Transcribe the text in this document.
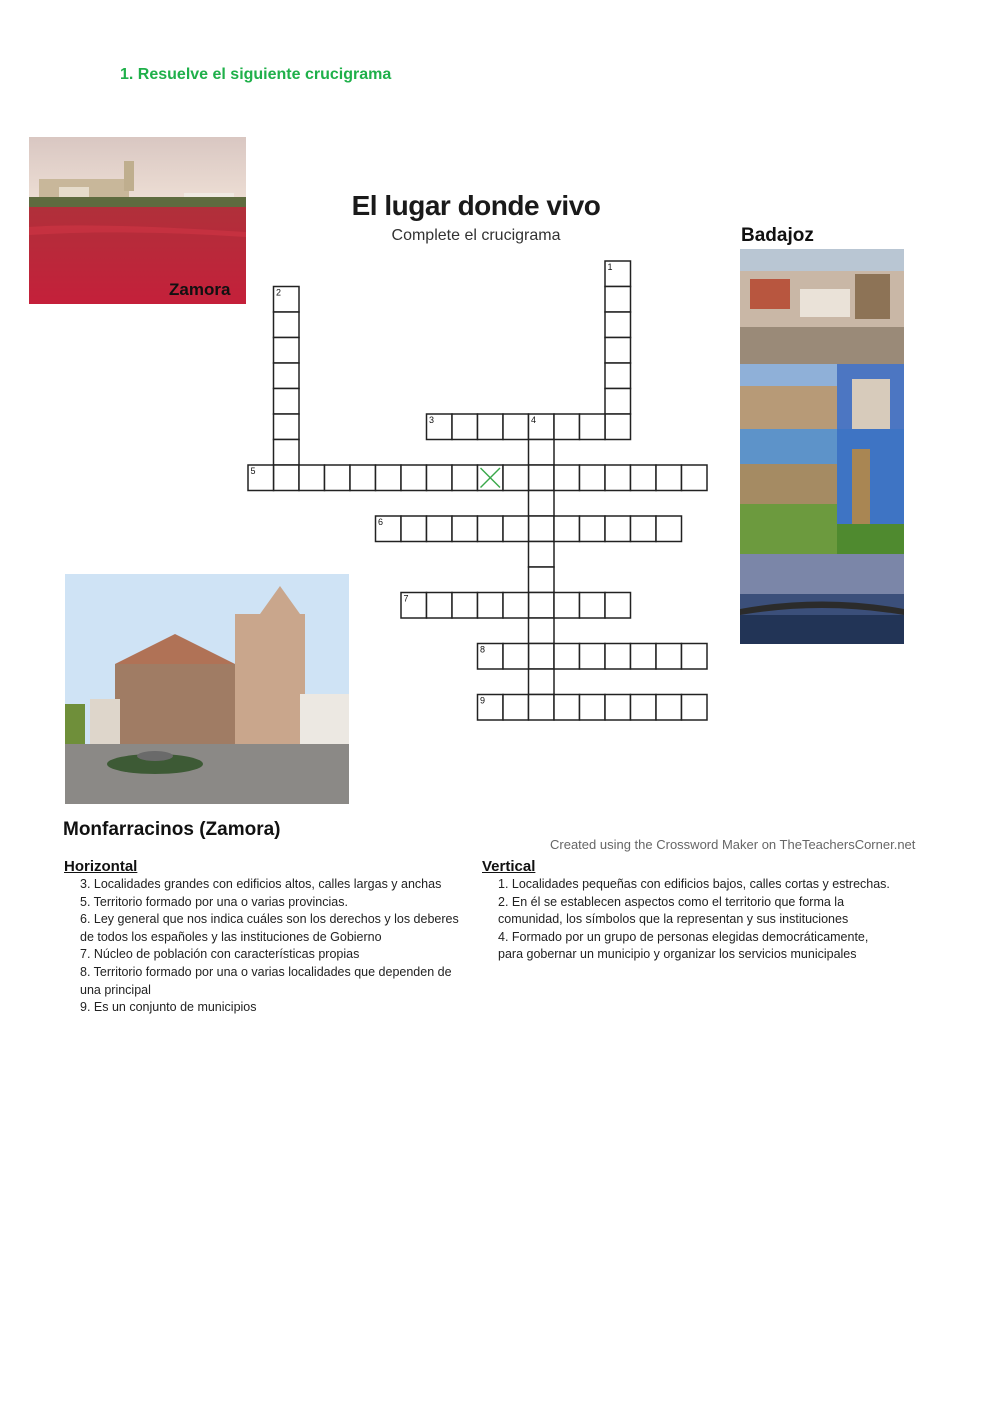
1. Resuelve el siguiente crucigrama
Zamora
El lugar donde vivo
Complete el crucigrama	Badajoz
Monfarracinos (Zamora)
1
2
3	4
5
6
7
8
9
Created using the Crossword Maker on TheTeachersCorner.net
Horizontal
3. Localidades grandes con edificios altos, calles largas y anchas
5. Territorio formado por una o varias provincias.
6. Ley general que nos indica cuáles son los derechos y los deberes de todos los españoles y las instituciones de Gobierno
7. Núcleo de población con características propias
8. Territorio formado por una o varias localidades que dependen de una principal
9. Es un conjunto de municipios
Vertical
1. Localidades pequeñas con edificios bajos, calles cortas y estrechas.
2. En él se establecen aspectos como el territorio que forma la comunidad, los símbolos que la representan y sus instituciones
4. Formado por un grupo de personas elegidas democráticamente, para gobernar un municipio y organizar los servicios municipales
